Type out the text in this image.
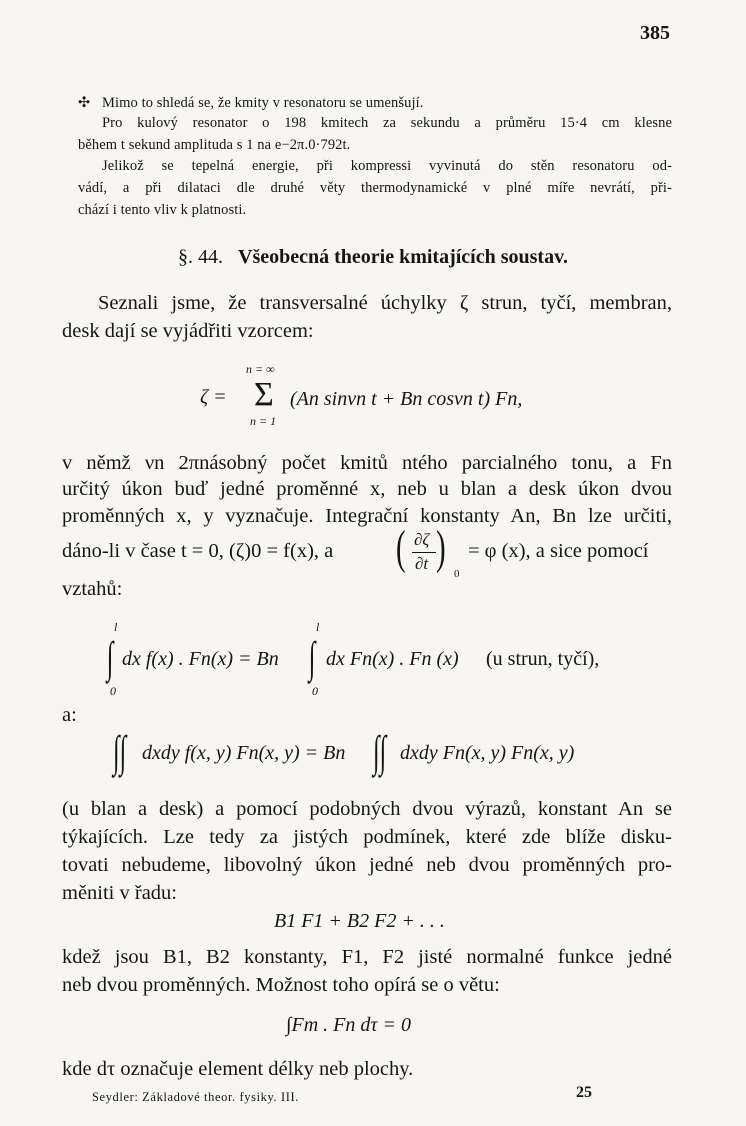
385
✣ Mimo to shledá se, že kmity v resonatoru se umenšují.
Pro kulový resonator o 198 kmitech za sekundu a průměru 15·4 cm klesne
během t sekund amplituda s 1 na e−2π.0·792t.
Jelikož se tepelná energie, při kompressi vyvinutá do stěn resonatoru od-
vádí, a při dilataci dle druhé věty thermodynamické v plné míře nevrátí, při-
chází i tento vliv k platnosti.
§. 44. Všeobecná theorie kmitajících soustav.
Seznali jsme, že transversalné úchylky ζ strun, tyčí, membran,
desk dají se vyjádřiti vzorcem:
n = ∞
ζ = Σ (An sinνn t + Bn cosνn t) Fn,
n = 1
v němž νn 2πnásobný počet kmitů ntého parcialného tonu, a Fn
určitý úkon buď jedné proměnné x, neb u blan a desk úkon dvou
proměnných x, y vyznačuje. Integrační konstanty An, Bn lze určiti,
dáno-li v čase t = 0, (ζ)0 = f(x), a ( ∂ζ
∂t ) 0
= φ (x), a sice pomocí
vztahů:
l
∫
0
dx f(x) . Fn(x) = Bn
l
∫
0
dx Fn(x) . Fn (x) (u strun, tyčí),
a:
∫∫ dxdy f(x, y) Fn(x, y) = Bn ∫∫ dxdy Fn(x, y) Fn(x, y)
(u blan a desk) a pomocí podobných dvou výrazů, konstant An se
týkajících. Lze tedy za jistých podmínek, které zde blíže disku-
tovati nebudeme, libovolný úkon jedné neb dvou proměnných pro-
měniti v řadu:
B1 F1 + B2 F2 + . . .
kdež jsou B1, B2 konstanty, F1, F2 jisté normalné funkce jedné
neb dvou proměnných. Možnost toho opírá se o větu:
∫Fm . Fn dτ = 0
kde dτ označuje element délky neb plochy.
Seydler: Základové theor. fysiky. III.	25
